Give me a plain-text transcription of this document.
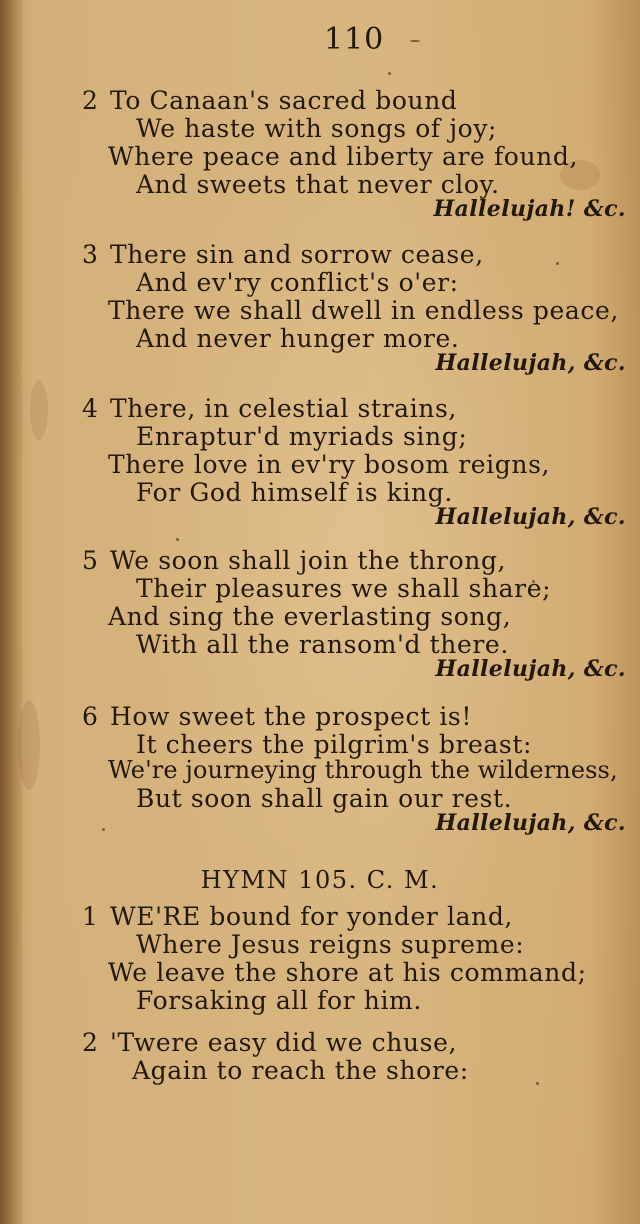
110
2 To Canaan's sacred bound
We haste with songs of joy;
Where peace and liberty are found,
And sweets that never cloy.
Hallelujah! &c.
3 There sin and sorrow cease,
And ev'ry conflict's o'er:
There we shall dwell in endless peace,
And never hunger more.
Hallelujah, &c.
4 There, in celestial strains,
Enraptur'd myriads sing;
There love in ev'ry bosom reigns,
For God himself is king.
Hallelujah, &c.
5 We soon shall join the throng,
Their pleasures we shall share;
And sing the everlasting song,
With all the ransom'd there.
Hallelujah, &c.
6 How sweet the prospect is!
It cheers the pilgrim's breast:
We're journeying through the wilderness,
But soon shall gain our rest.
Hallelujah, &c.
HYMN 105. C. M.
1 WE'RE bound for yonder land,
Where Jesus reigns supreme:
We leave the shore at his command;
Forsaking all for him.
2 'Twere easy did we chuse,
Again to reach the shore:
